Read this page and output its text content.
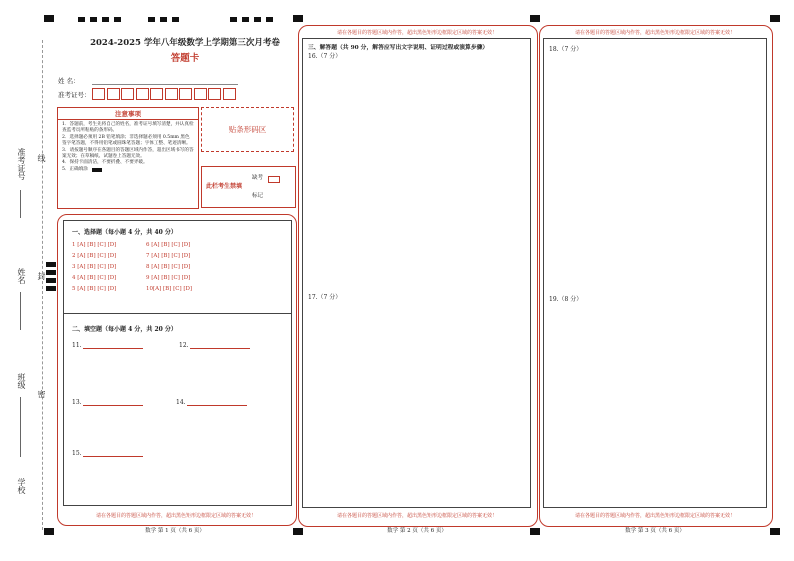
准考证号
姓名
班级
学校
线
封
密
2024-2025 学年八年级数学上学期第三次月考卷
答题卡
姓 名：
准考证号：
注意事项
1．答题前，考生先将自己的姓名，准考证号填写清楚，并认真检查监考员所粘贴的条形码。
2．选择题必须用 2B 铅笔填涂；非选择题必须用 0.5mm 黑色签字笔答题，不得用铅笔或圆珠笔答题；字体工整、笔迹清晰。
3．请按题号顺序在各题目的答题区域内作答，超出区域书写的答案无效；在草稿纸、试题卷上答题无效。
4．保持卡面清洁，不要折叠、不要弄破。
5．正确填涂
贴条形码区
此栏考生禁填
缺考
标记
一、选择题（每小题 4 分，共 40 分）
1 [A] [B] [C] [D]	6 [A] [B] [C] [D]
2 [A] [B] [C] [D]	7 [A] [B] [C] [D]
3 [A] [B] [C] [D]	8 [A] [B] [C] [D]
4 [A] [B] [C] [D]	9 [A] [B] [C] [D]
5 [A] [B] [C] [D]	10[A] [B] [C] [D]
二、填空题（每小题 4 分，共 20 分）
11.	12.
13.	14.
15.
请在各题目的答题区域内作答，超出黑色矩形边框限定区域的答案无效！
数学 第 1 页（共 6 页）
请在各题目的答题区域内作答，超出黑色矩形边框限定区域的答案无效！
三、解答题（共 90 分，解答应写出文字说明、证明过程或演算步骤）
16.（7 分）
17.（7 分）
请在各题目的答题区域内作答，超出黑色矩形边框限定区域的答案无效！
数学 第 2 页（共 6 页）
请在各题目的答题区域内作答，超出黑色矩形边框限定区域的答案无效！
18.（7 分）
19.（8 分）
请在各题目的答题区域内作答，超出黑色矩形边框限定区域的答案无效！
数学 第 3 页（共 6 页）
